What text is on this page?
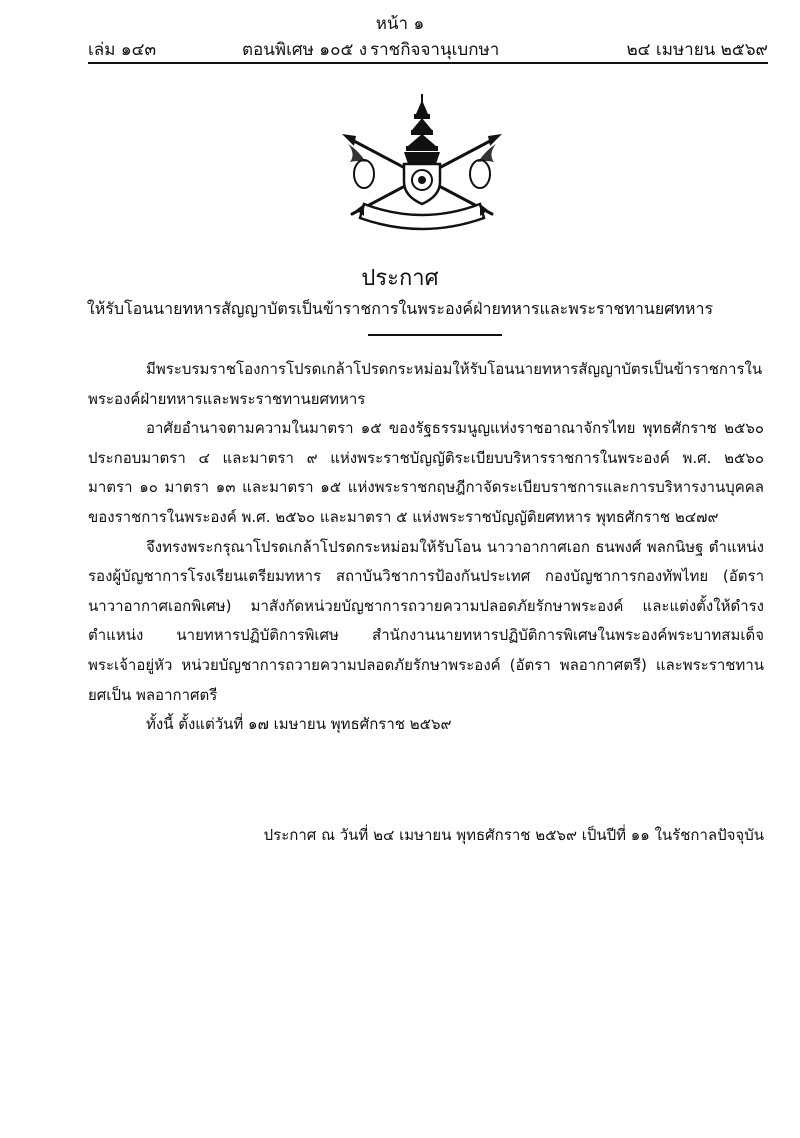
หน้า ๑
เล่ม ๑๔๓	ตอนพิเศษ ๑๐๕ ง ราชกิจจานุเบกษา	๒๔ เมษายน ๒๕๖๙
ประกาศ
ให้รับโอนนายทหารสัญญาบัตรเป็นข้าราชการในพระองค์ฝ่ายทหารและพระราชทานยศทหาร

มีพระบรมราชโองการโปรดเกล้าโปรดกระหม่อมให้รับโอนนายทหารสัญญาบัตรเป็นข้าราชการในพระองค์ฝ่ายทหารและพระราชทานยศทหาร

อาศัยอำนาจตามความในมาตรา ๑๕ ของรัฐธรรมนูญแห่งราชอาณาจักรไทย พุทธศักราช ๒๕๖๐ ประกอบมาตรา ๔ และมาตรา ๙ แห่งพระราชบัญญัติระเบียบบริหารราชการในพระองค์ พ.ศ. ๒๕๖๐ มาตรา ๑๐ มาตรา ๑๓ และมาตรา ๑๕ แห่งพระราชกฤษฎีกาจัดระเบียบราชการและการบริหารงานบุคคลของราชการในพระองค์ พ.ศ. ๒๕๖๐ และมาตรา ๕ แห่งพระราชบัญญัติยศทหาร พุทธศักราช ๒๔๗๙

จึงทรงพระกรุณาโปรดเกล้าโปรดกระหม่อมให้รับโอน นาวาอากาศเอก ธนพงศ์ พลกนิษฐ ตำแหน่ง รองผู้บัญชาการโรงเรียนเตรียมทหาร สถาบันวิชาการป้องกันประเทศ กองบัญชาการกองทัพไทย (อัตรา นาวาอากาศเอกพิเศษ) มาสังกัดหน่วยบัญชาการถวายความปลอดภัยรักษาพระองค์ และแต่งตั้งให้ดำรงตำแหน่ง นายทหารปฏิบัติการพิเศษ สำนักงานนายทหารปฏิบัติการพิเศษในพระองค์พระบาทสมเด็จพระเจ้าอยู่หัว หน่วยบัญชาการถวายความปลอดภัยรักษาพระองค์ (อัตรา พลอากาศตรี) และพระราชทานยศเป็น พลอากาศตรี

ทั้งนี้ ตั้งแต่วันที่ ๑๗ เมษายน พุทธศักราช ๒๕๖๙

ประกาศ ณ วันที่ ๒๔ เมษายน พุทธศักราช ๒๕๖๙ เป็นปีที่ ๑๑ ในรัชกาลปัจจุบัน
